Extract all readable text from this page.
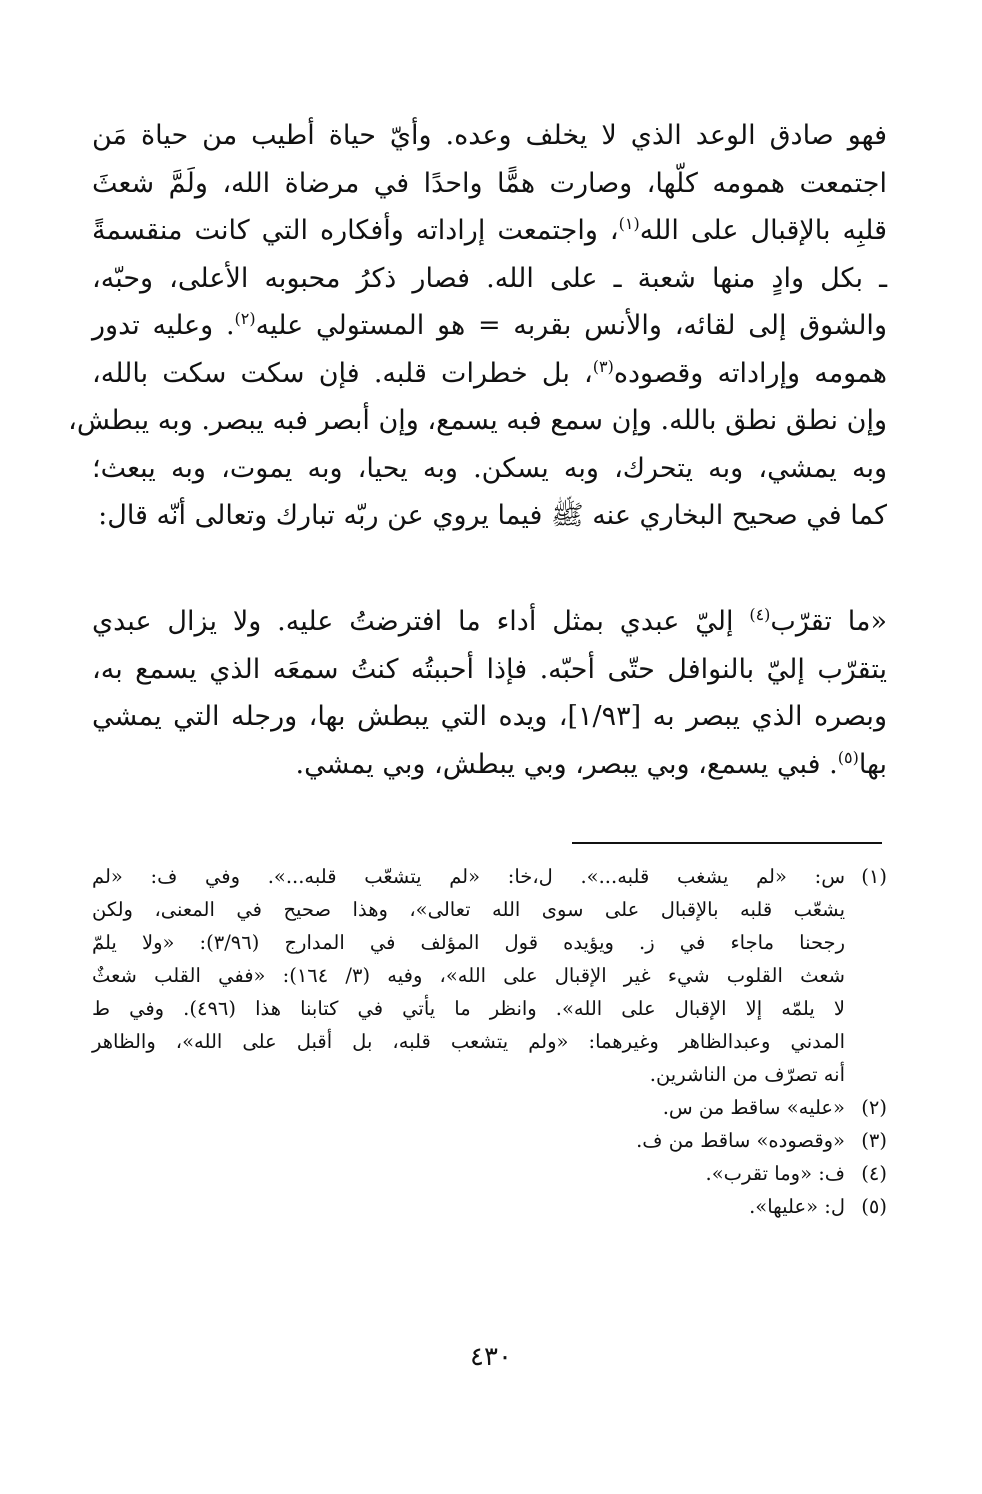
فهو صادق الوعد الذي لا يخلف وعده. وأيّ حياة أطيب من حياة مَن
اجتمعت همومه كلّها، وصارت همًّا واحدًا في مرضاة الله، ولَمَّ شعثَ
قلبِه بالإقبال على الله$^{(١)}$، واجتمعت إراداته وأفكاره التي كانت منقسمةً
ـ بكل وادٍ منها شعبة ـ على الله. فصار ذكرُ محبوبه الأعلى، وحبّه،
والشوق إلى لقائه، والأنس بقربه = هو المستولي عليه$^{(٢)}$. وعليه تدور
همومه وإراداته وقصوده$^{(٣)}$، بل خطرات قلبه. فإن سكت سكت بالله،
وإن نطق نطق بالله. وإن سمع فبه يسمع، وإن أبصر فبه يبصر. وبه يبطش،
وبه يمشي، وبه يتحرك، وبه يسكن. وبه يحيا، وبه يموت، وبه يبعث؛
كما في صحيح البخاري عنه ﷺ فيما يروي عن ربّه تبارك وتعالى أنّه قال:
«ما تقرّب$^{(٤)}$ إليّ عبدي بمثل أداء ما افترضتُ عليه. ولا يزال عبدي
يتقرّب إليّ بالنوافل حتّى أحبّه. فإذا أحببتُه كنتُ سمعَه الذي يسمع به،
وبصره الذي يبصر به [١/٩٣]، ويده التي يبطش بها، ورجله التي يمشي
بها$^{(٥)}$. فبي يسمع، وبي يبصر، وبي يبطش، وبي يمشي.
(١)
س: «لم يشغب قلبه...». ل،خا: «لم يتشعّب قلبه...». وفي ف: «لم
يشعّب قلبه بالإقبال على سوى الله تعالى»، وهذا صحيح في المعنى، ولكن
رجحنا ماجاء في ز. ويؤيده قول المؤلف في المدارج (٣/٩٦): «ولا يلمّ
شعث القلوب شيء غير الإقبال على الله»، وفيه (٣/ ١٦٤): «ففي القلب شعثٌ
لا يلمّه إلا الإقبال على الله». وانظر ما يأتي في كتابنا هذا (٤٩٦). وفي ط
المدني وعبدالظاهر وغيرهما: «ولم يتشعب قلبه، بل أقبل على الله»، والظاهر
أنه تصرّف من الناشرين.
(٢)
«عليه» ساقط من س.
(٣)
«وقصوده» ساقط من ف.
(٤)
ف: «وما تقرب».
(٥)
ل: «عليها».
٤٣٠
